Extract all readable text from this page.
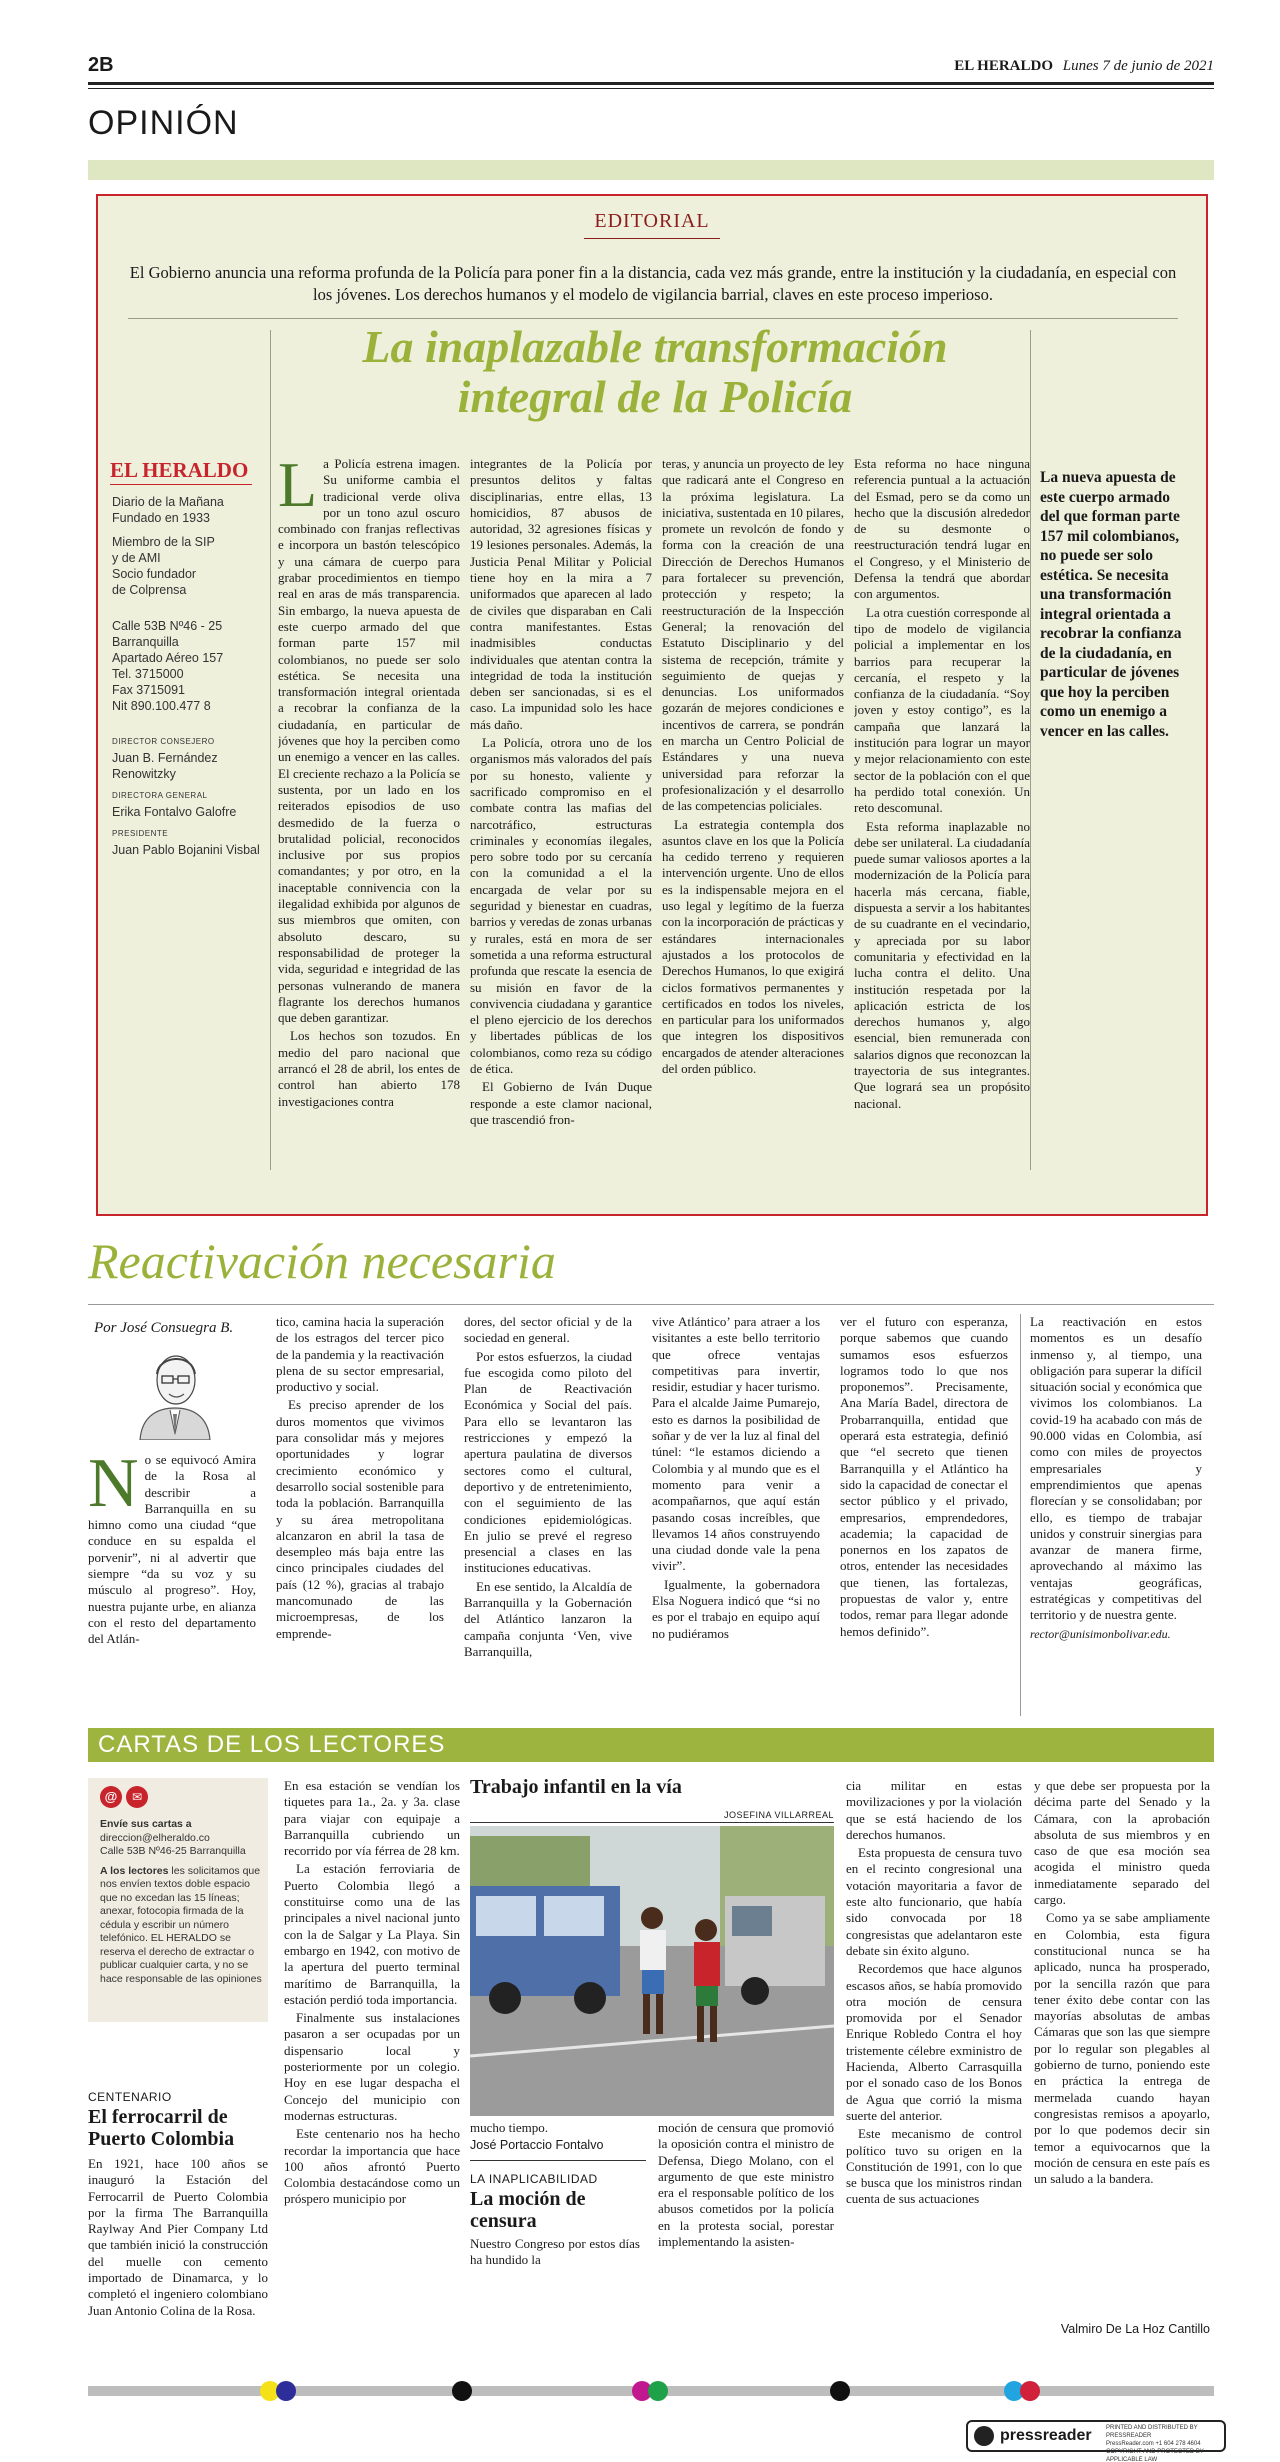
2B	EL HERALDO Lunes 7 de junio de 2021
OPINIÓN
EDITORIAL
El Gobierno anuncia una reforma profunda de la Policía para poner fin a la distancia, cada vez más grande, entre la institución y la ciudadanía, en especial con los jóvenes. Los derechos humanos y el modelo de vigilancia barrial, claves en este proceso imperioso.
La inaplazable transformación
integral de la Policía
EL HERALDO
Diario de la Mañana
Fundado en 1933
Miembro de la SIP
y de AMI
Socio fundador
de Colprensa
Calle 53B Nº46 - 25
Barranquilla
Apartado Aéreo 157
Tel. 3715000
Fax 3715091
Nit 890.100.477 8
DIRECTOR CONSEJERO
Juan B. Fernández Renowitzky
DIRECTORA GENERAL
Erika Fontalvo Galofre
PRESIDENTE
Juan Pablo Bojanini Visbal

La Policía estrena imagen. Su uniforme cambia el tradicional verde oliva por un tono azul oscuro combinado con franjas reflectivas e incorpora un bastón telescópico y una cámara de cuerpo para grabar procedimientos en tiempo real en aras de más transparencia. Sin embargo, la nueva apuesta de este cuerpo armado del que forman parte 157 mil colombianos, no puede ser solo estética. Se necesita una transformación integral orientada a recobrar la confianza de la ciudadanía, en particular de jóvenes que hoy la perciben como un enemigo a vencer en las calles. El creciente rechazo a la Policía se sustenta, por un lado en los reiterados episodios de uso desmedido de la fuerza o brutalidad policial, reconocidos inclusive por sus propios comandantes; y por otro, en la inaceptable connivencia con la ilegalidad exhibida por algunos de sus miembros que omiten, con absoluto descaro, su responsabilidad de proteger la vida, seguridad e integridad de las personas vulnerando de manera flagrante los derechos humanos que deben garantizar.

Los hechos son tozudos. En medio del paro nacional que arrancó el 28 de abril, los entes de control han abierto 178 investigaciones contra

integrantes de la Policía por presuntos delitos y faltas disciplinarias, entre ellas, 13 homicidios, 87 abusos de autoridad, 32 agresiones físicas y 19 lesiones personales. Además, la Justicia Penal Militar y Policial tiene hoy en la mira a 7 uniformados que aparecen al lado de civiles que disparaban en Cali contra manifestantes. Estas inadmisibles conductas individuales que atentan contra la integridad de toda la institución deben ser sancionadas, si es el caso. La impunidad solo les hace más daño.

La Policía, otrora uno de los organismos más valorados del país por su honesto, valiente y sacrificado compromiso en el combate contra las mafias del narcotráfico, estructuras criminales y economías ilegales, pero sobre todo por su cercanía con la comunidad a el la encargada de velar por su seguridad y bienestar en cuadras, barrios y veredas de zonas urbanas y rurales, está en mora de ser sometida a una reforma estructural profunda que rescate la esencia de su misión en favor de la convivencia ciudadana y garantice el pleno ejercicio de los derechos y libertades públicas de los colombianos, como reza su código de ética.

El Gobierno de Iván Duque responde a este clamor nacional, que trascendió fron-

teras, y anuncia un proyecto de ley que radicará ante el Congreso en la próxima legislatura. La iniciativa, sustentada en 10 pilares, promete un revolcón de fondo y forma con la creación de una Dirección de Derechos Humanos para fortalecer su prevención, protección y respeto; la reestructuración de la Inspección General; la renovación del Estatuto Disciplinario y del sistema de recepción, trámite y seguimiento de quejas y denuncias. Los uniformados gozarán de mejores condiciones e incentivos de carrera, se pondrán en marcha un Centro Policial de Estándares y una nueva universidad para reforzar la profesionalización y el desarrollo de las competencias policiales.

La estrategia contempla dos asuntos clave en los que la Policía ha cedido terreno y requieren intervención urgente. Uno de ellos es la indispensable mejora en el uso legal y legítimo de la fuerza con la incorporación de prácticas y estándares internacionales ajustados a los protocolos de Derechos Humanos, lo que exigirá ciclos formativos permanentes y certificados en todos los niveles, en particular para los uniformados que integren los dispositivos encargados de atender alteraciones del orden público.

Esta reforma no hace ninguna referencia puntual a la actuación del Esmad, pero se da como un hecho que la discusión alrededor de su desmonte o reestructuración tendrá lugar en el Congreso, y el Ministerio de Defensa la tendrá que abordar con argumentos.

La otra cuestión corresponde al tipo de modelo de vigilancia policial a implementar en los barrios para recuperar la cercanía, el respeto y la confianza de la ciudadanía. “Soy joven y estoy contigo”, es la campaña que lanzará la institución para lograr un mayor y mejor relacionamiento con este sector de la población con el que ha perdido total conexión. Un reto descomunal.

Esta reforma inaplazable no debe ser unilateral. La ciudadanía puede sumar valiosos aportes a la modernización de la Policía para hacerla más cercana, fiable, dispuesta a servir a los habitantes de su cuadrante en el vecindario, y apreciada por su labor comunitaria y efectividad en la lucha contra el delito. Una institución respetada por la aplicación estricta de los derechos humanos y, algo esencial, bien remunerada con salarios dignos que reconozcan la trayectoria de sus integrantes. Que logrará sea un propósito nacional.

La nueva apuesta de este cuerpo armado del que forman parte 157 mil colombianos, no puede ser solo estética. Se necesita una transformación integral orientada a recobrar la confianza de la ciudadanía, en particular de jóvenes que hoy la perciben como un enemigo a vencer en las calles.
Reactivación necesaria
Por José Consuegra B.

No se equivocó Amira de la Rosa al describir a Barranquilla en su himno como una ciudad “que conduce en su espalda el porvenir”, ni al advertir que siempre “da su voz y su músculo al progreso”. Hoy, nuestra pujante urbe, en alianza con el resto del departamento del Atlán-

tico, camina hacia la superación de los estragos del tercer pico de la pandemia y la reactivación plena de su sector empresarial, productivo y social.

Es preciso aprender de los duros momentos que vivimos para consolidar más y mejores oportunidades y lograr crecimiento económico y desarrollo social sostenible para toda la población. Barranquilla y su área metropolitana alcanzaron en abril la tasa de desempleo más baja entre las cinco principales ciudades del país (12 %), gracias al trabajo mancomunado de las microempresas, de los emprende-

dores, del sector oficial y de la sociedad en general.

Por estos esfuerzos, la ciudad fue escogida como piloto del Plan de Reactivación Económica y Social del país. Para ello se levantaron las restricciones y empezó la apertura paulatina de diversos sectores como el cultural, deportivo y de entretenimiento, con el seguimiento de las condiciones epidemiológicas. En julio se prevé el regreso presencial a clases en las instituciones educativas.

En ese sentido, la Alcaldía de Barranquilla y la Gobernación del Atlántico lanzaron la campaña conjunta ‘Ven, vive Barranquilla,

vive Atlántico’ para atraer a los visitantes a este bello territorio que ofrece ventajas competitivas para invertir, residir, estudiar y hacer turismo. Para el alcalde Jaime Pumarejo, esto es darnos la posibilidad de soñar y de ver la luz al final del túnel: “le estamos diciendo a Colombia y al mundo que es el momento para venir a acompañarnos, que aquí están pasando cosas increíbles, que llevamos 14 años construyendo una ciudad donde vale la pena vivir”.

Igualmente, la gobernadora Elsa Noguera indicó que “si no es por el trabajo en equipo aquí no pudiéramos

ver el futuro con esperanza, porque sabemos que cuando sumamos esos esfuerzos logramos todo lo que nos proponemos”. Precisamente, Ana María Badel, directora de Probarranquilla, entidad que operará esta estrategia, definió que “el secreto que tienen Barranquilla y el Atlántico ha sido la capacidad de conectar el sector público y el privado, empresarios, emprendedores, academia; la capacidad de ponernos en los zapatos de otros, entender las necesidades que tienen, las fortalezas, propuestas de valor y, entre todos, remar para llegar adonde hemos definido”.

La reactivación en estos momentos es un desafío inmenso y, al tiempo, una obligación para superar la difícil situación social y económica que vivimos los colombianos. La covid-19 ha acabado con más de 90.000 vidas en Colombia, así como con miles de proyectos empresariales y emprendimientos que apenas florecían y se consolidaban; por ello, es tiempo de trabajar unidos y construir sinergias para avanzar de manera firme, aprovechando al máximo las ventajas geográficas, estratégicas y competitivas del territorio y de nuestra gente.

rector@unisimonbolivar.edu.

CARTAS DE LOS LECTORES
@	✉
Envíe sus cartas a
direccion@elheraldo.co
Calle 53B Nº46-25 Barranquilla
A los lectores les solicitamos que nos envíen textos doble espacio que no excedan las 15 líneas; anexar, fotocopia firmada de la cédula y escribir un número telefónico. EL HERALDO se reserva el derecho de extractar o publicar cualquier carta, y no se hace responsable de las opiniones
CENTENARIO
El ferrocarril de Puerto Colombia

En 1921, hace 100 años se inauguró la Estación del Ferrocarril de Puerto Colombia por la firma The Barranquilla Raylway And Pier Company Ltd que también inició la construcción del muelle con cemento importado de Dinamarca, y lo completó el ingeniero colombiano Juan Antonio Colina de la Rosa.

En esa estación se vendían los tiquetes para 1a., 2a. y 3a. clase para viajar con equipaje a Barranquilla cubriendo un recorrido por vía férrea de 28 km.

La estación ferroviaria de Puerto Colombia llegó a constituirse como una de las principales a nivel nacional junto con la de Salgar y La Playa. Sin embargo en 1942, con motivo de la apertura del puerto terminal marítimo de Barranquilla, la estación perdió toda importancia.

Finalmente sus instalaciones pasaron a ser ocupadas por un dispensario local y posteriormente por un colegio. Hoy en ese lugar despacha el Concejo del municipio con modernas estructuras.

Este centenario nos ha hecho recordar la importancia que hace 100 años afrontó Puerto Colombia destacándose como un próspero municipio por

Trabajo infantil en la vía
JOSEFINA VILLARREAL
mucho tiempo.
José Portaccio Fontalvo
LA INAPLICABILIDAD
La moción de censura

Nuestro Congreso por estos días ha hundido la

moción de censura que promovió la oposición contra el ministro de Defensa, Diego Molano, con el argumento de que este ministro era el responsable político de los abusos cometidos por la policía en la protesta social, porestar implementando la asisten-

cia militar en estas movilizaciones y por la violación que se está haciendo de los derechos humanos.

Esta propuesta de censura tuvo en el recinto congresional una votación mayoritaria a favor de este alto funcionario, que había sido convocada por 18 congresistas que adelantaron este debate sin éxito alguno.

Recordemos que hace algunos escasos años, se había promovido otra moción de censura promovida por el Senador Enrique Robledo Contra el hoy tristemente célebre exministro de Hacienda, Alberto Carrasquilla por el sonado caso de los Bonos de Agua que corrió la misma suerte del anterior.

Este mecanismo de control político tuvo su origen en la Constitución de 1991, con lo que se busca que los ministros rindan cuenta de sus actuaciones

y que debe ser propuesta por la décima parte del Senado y la Cámara, con la aprobación absoluta de sus miembros y en caso de que esa moción sea acogida el ministro queda inmediatamente separado del cargo.

Como ya se sabe ampliamente en Colombia, esta figura constitucional nunca se ha aplicado, nunca ha prosperado, por la sencilla razón que para tener éxito debe contar con las mayorías absolutas de ambas Cámaras que son las que siempre por lo regular son plegables al gobierno de turno, poniendo este en práctica la entrega de mermelada cuando hayan congresistas remisos a apoyarlo, por lo que podemos decir sin temor a equivocarnos que la moción de censura en este país es un saludo a la bandera.

Valmiro De La Hoz Cantillo
pressreader PRINTED AND DISTRIBUTED BY PRESSREADER
PressReader.com +1 604 278 4604
COPYRIGHT AND PROTECTED BY APPLICABLE LAW
